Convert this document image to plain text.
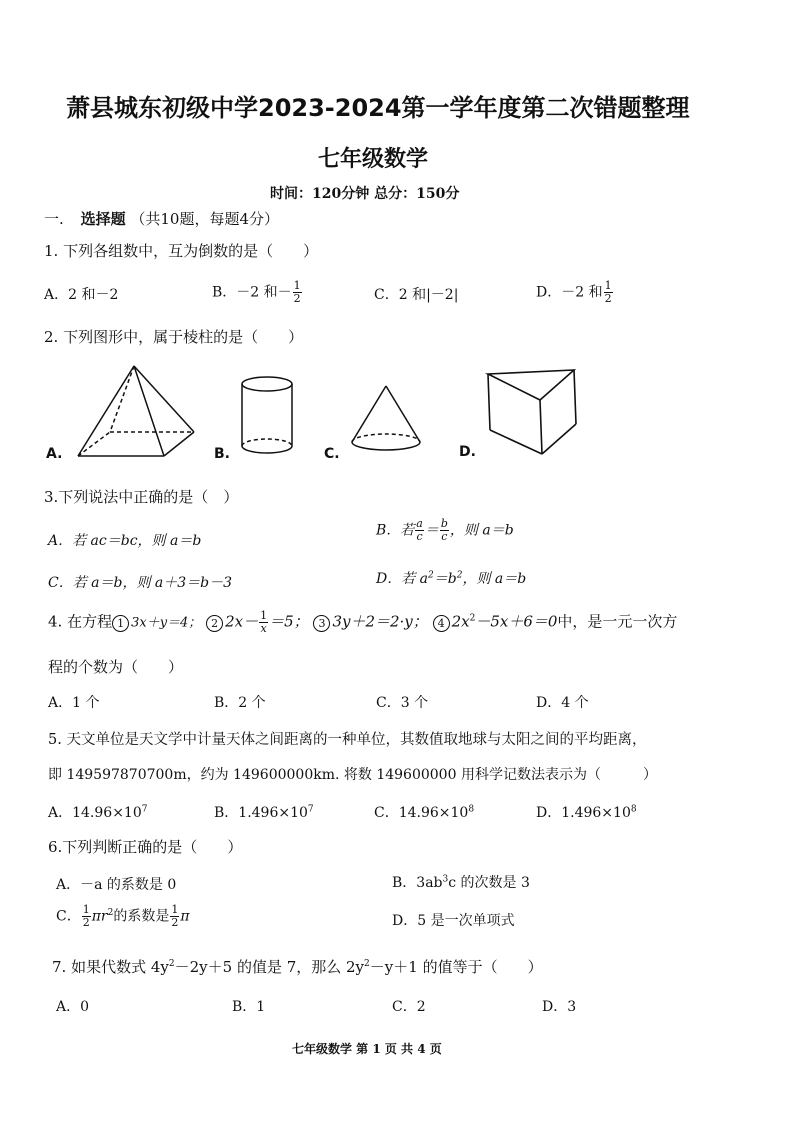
萧县城东初级中学2023-2024第一学年度第二次错题整理
七年级数学
时间：120分钟 总分：150分
一. 选择题 （共10题，每题4分）
1. 下列各组数中，互为倒数的是（　　）
A．2 和－2	B．－2 和－ $\frac{1}{2}$	C．2 和|－2|	D．－2 和 $\frac{1}{2}$
2. 下列图形中，属于棱柱的是（　　）
A.	B.	C.	D.
3.下列说法中正确的是（　）
A．若 ac＝bc，则 a＝b
B．若 $\frac{a}{c} = \frac{b}{c}$ ，则 a＝b
C．若 a＝b，则 a＋3＝b－3	D．若 $a^2=b^2$，则 a＝b
4. 在方程 1 3x＋y＝4； 2 $2x- \frac{1}{x} =5$； 3 3y＋2＝2·y； 4 $2x^2-5x+6=0$中，是一元一次方
程的个数为（　　）
A．1 个	B．2 个	C．3 个	D．4 个
5. 天文单位是天文学中计量天体之间距离的一种单位，其数值取地球与太阳之间的平均距离，
即 149597870700m，约为 149600000km. 将数 149600000 用科学记数法表示为（　　　）
A．$14.96\times 10^7$	B．$1.496\times 10^7$	C．$14.96\times 10^8$	D．$1.496\times 10^8$
6.下列判断正确的是（　　）
A．－a 的系数是 0	B．$3ab^3c$ 的次数是 3
C． $\frac{1}{2} \pi r^2$的系数是 $\frac{1}{2}$ π	D．5 是一次单项式
7. 如果代数式 $4y^2-2y+5$ 的值是 7，那么 $2y^2-y+1$ 的值等于（　　）
A．0	B．1	C．2	D．3
七年级数学 第 1 页 共 4 页
